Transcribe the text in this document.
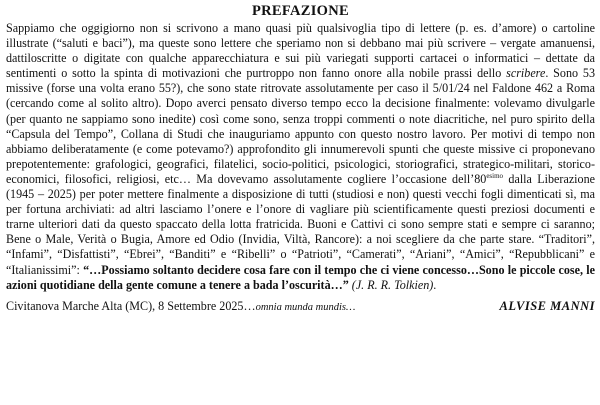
PREFAZIONE

Sappiamo che oggigiorno non si scrivono a mano quasi più qualsivoglia tipo di lettere (p. es. d’amore) o cartoline illustrate (“saluti e baci”), ma queste sono lettere che speriamo non si debbano mai più scrivere – vergate amanuensi, dattiloscritte o digitate con qualche apparecchiatura e sui più variegati supporti cartacei o informatici – dettate da sentimenti o sotto la spinta di motivazioni che purtroppo non fanno onore alla nobile prassi dello scribere. Sono 53 missive (forse una volta erano 55?), che sono state ritrovate assolutamente per caso il 5/01/24 nel Faldone 462 a Roma (cercando come al solito altro). Dopo averci pensato diverso tempo ecco la decisione finalmente: volevamo divulgarle (per quanto ne sappiamo sono inedite) così come sono, senza troppi commenti o note diacritiche, nel puro spirito della “Capsula del Tempo”, Collana di Studi che inauguriamo appunto con questo nostro lavoro. Per motivi di tempo non abbiamo deliberatamente (e come potevamo?) approfondito gli innumerevoli spunti che queste missive ci proponevano prepotentemente: grafologici, geografici, filatelici, socio-politici, psicologici, storiografici, strategico-militari, storico-economici, filosofici, religiosi, etc… Ma dovevamo assolutamente cogliere l’occasione $dell’80^{esimo}$ dalla Liberazione (1945 – 2025) per poter mettere finalmente a disposizione di tutti (studiosi e non) questi vecchi fogli dimenticati sì, ma per fortuna archiviati: ad altri lasciamo l’onere e l’onore di vagliare più scientificamente questi preziosi documenti e trarne ulteriori dati da questo spaccato della lotta fratricida. Buoni e Cattivi ci sono sempre stati e sempre ci saranno; Bene o Male, Verità o Bugia, Amore ed Odio (Invidia, Viltà, Rancore): a noi scegliere da che parte stare. “Traditori”, “Infami”, “Disfattisti”, “Ebrei”, “Banditi” e “Ribelli” o “Patrioti”, “Camerati”, “Ariani”, “Amici”, “Repubblicani” e “Italianissimi”: “…Possiamo soltanto decidere cosa fare con il tempo che ci viene concesso…Sono le piccole cose, le azioni quotidiane della gente comune a tenere a bada l’oscurità…” (J. R. R. Tolkien).

Civitanova Marche Alta (MC), 8 Settembre 2025…omnia munda mundis…	ALVISE MANNI
